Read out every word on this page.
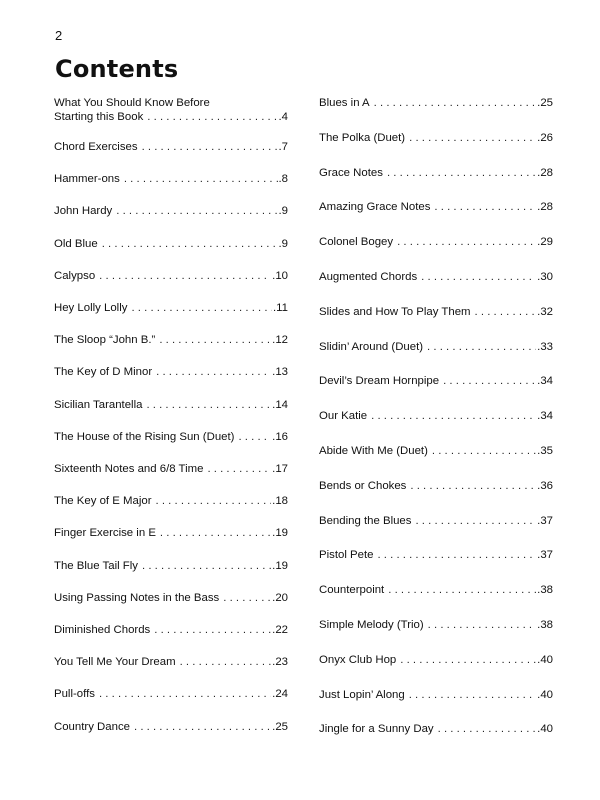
2
Contents
What You Should Know Before
Starting this Book . . .	.4
Chord Exercises . . .	.7
Hammer-ons . . .	.8
John Hardy . . .	.9
Old Blue . . .	.9
Calypso . . .	.10
Hey Lolly Lolly . . .	.11
The Sloop “John B.” . . .	.12
The Key of D Minor . . .	.13
Sicilian Tarantella . . .	.14
The House of the Rising Sun (Duet) . . .	.16
Sixteenth Notes and 6/8 Time . . .	.17
The Key of E Major . . .	.18
Finger Exercise in E . . .	.19
The Blue Tail Fly . . .	.19
Using Passing Notes in the Bass . . .	.20
Diminished Chords . . .	.22
You Tell Me Your Dream . . .	.23
Pull-offs . . .	.24
Country Dance . . .	.25
Blues in A . . .	.25
The Polka (Duet) . . .	.26
Grace Notes . . .	.28
Amazing Grace Notes . . .	.28
Colonel Bogey . . .	.29
Augmented Chords . . .	.30
Slides and How To Play Them . . .	.32
Slidin’ Around (Duet) . . .	.33
Devil’s Dream Hornpipe . . .	.34
Our Katie . . .	.34
Abide With Me (Duet) . . .	.35
Bends or Chokes . . .	.36
Bending the Blues . . .	.37
Pistol Pete . . .	.37
Counterpoint . . .	.38
Simple Melody (Trio) . . .	.38
Onyx Club Hop . . .	.40
Just Lopin’ Along . . .	.40
Jingle for a Sunny Day . . .	.40
